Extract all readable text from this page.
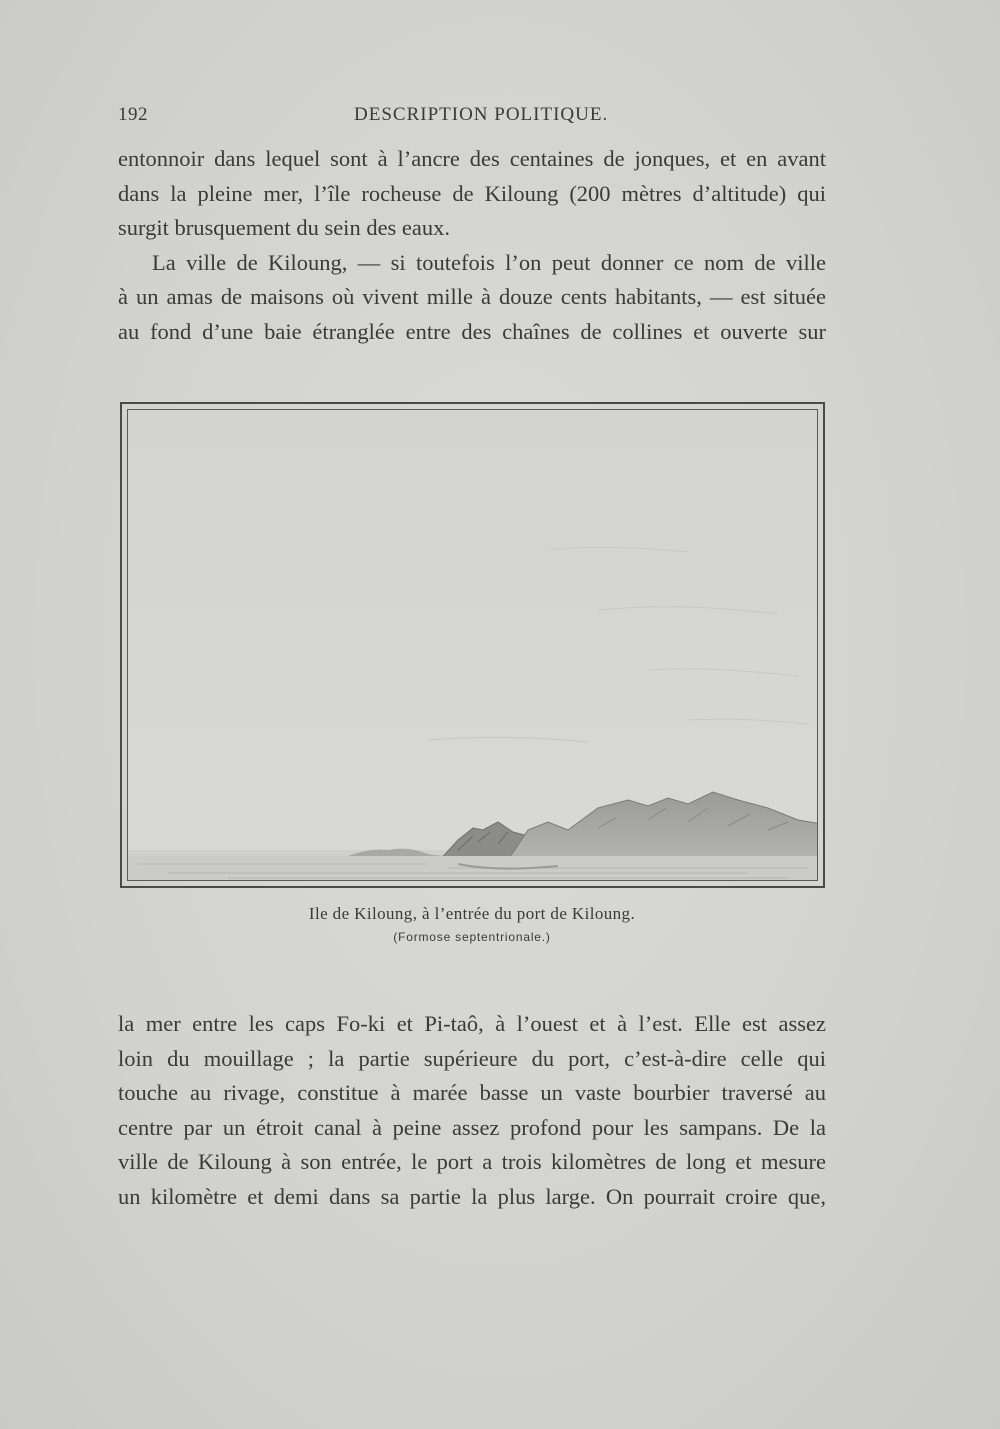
192	DESCRIPTION POLITIQUE.
entonnoir dans lequel sont à l’ancre des centaines de jonques, et en avant
dans la pleine mer, l’île rocheuse de Kiloung (200 mètres d’altitude) qui
surgit brusquement du sein des eaux.
La ville de Kiloung, — si toutefois l’on peut donner ce nom de ville
à un amas de maisons où vivent mille à douze cents habitants, — est située
au fond d’une baie étranglée entre des chaînes de collines et ouverte sur
Ile de Kiloung, à l’entrée du port de Kiloung.
(Formose septentrionale.)
la mer entre les caps Fo-ki et Pi-taô, à l’ouest et à l’est. Elle est assez
loin du mouillage ; la partie supérieure du port, c’est-à-dire celle qui
touche au rivage, constitue à marée basse un vaste bourbier traversé au
centre par un étroit canal à peine assez profond pour les sampans. De la
ville de Kiloung à son entrée, le port a trois kilomètres de long et mesure
un kilomètre et demi dans sa partie la plus large. On pourrait croire que,
